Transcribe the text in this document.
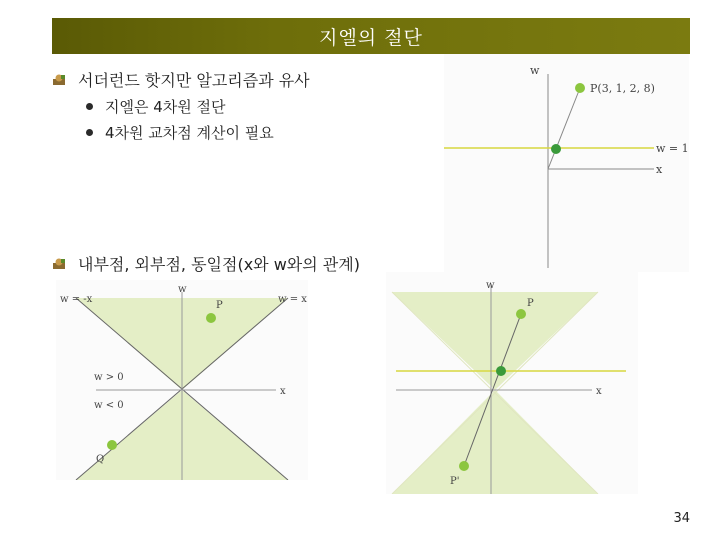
지엘의 절단
서더런드 핫지만 알고리즘과 유사
지엘은 4차원 절단
4차원 교차점 계산이 필요
내부점, 외부점, 동일점(x와 w와의 관계)
w
x
P(3, 1, 2, 8)
w = 1
w
x
w = -x	w = x
w > 0
w < 0
P
Q
w
x
P
P'
34
